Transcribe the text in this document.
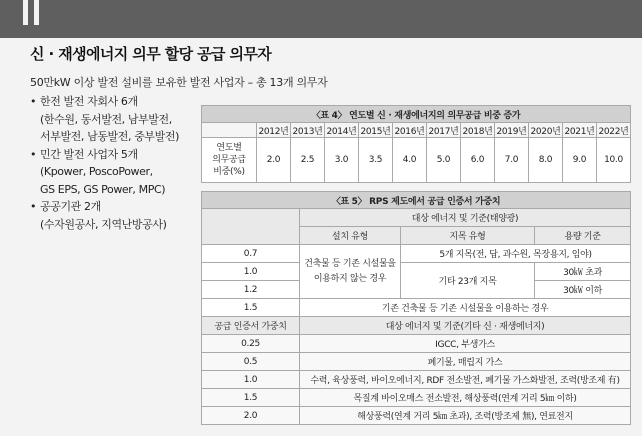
신 · 재생에너지 의무 할당 공급 의무자
50만kW 이상 발전 설비를 보유한 발전 사업자 – 총 13개 의무자
• 한전 발전 자회사 6개
(한수원, 동서발전, 남부발전,
서부발전, 남동발전, 중부발전)
• 민간 발전 사업자 5개
(Kpower, PoscoPower,
GS EPS, GS Power, MPC)
• 공공기관 2개
(수자원공사, 지역난방공사)
〈표 4〉 연도별 신 · 재생에너지의 의무공급 비중 증가											
	2012년	2013년	2014년	2015년	2016년	2017년	2018년	2019년	2020년	2021년	2022년

연도별
의무공급
비중(%)	2.0	2.5	3.0	3.5	4.0	5.0	6.0	7.0	8.0	9.0	10.0
〈표 5〉 RPS 제도에서 공급 인증서 가중치			
	대상 에너지 및 기준(태양광)		
	설치 유형	지목 유형	용량 기준
0.7	건축물 등 기존 시설물을
이용하지 않는 경우	5개 지목(전, 답, 과수원, 목장용지, 임야)	
1.0		기타 23개 지목	30㎾ 초과
1.2			30㎾ 이하
1.5	기존 건축물 등 기존 시설물을 이용하는 경우		
공급 인증서 가중치	대상 에너지 및 기준(기타 신 · 재생에너지)		
0.25	IGCC, 부생가스		
0.5	폐기물, 매립지 가스		
1.0	수력, 육상풍력, 바이오에너지, RDF 전소발전, 폐기물 가스화발전, 조력(방조제 有)		
1.5	목질계 바이오매스 전소발전, 해상풍력(연계 거리 5㎞ 이하)		
2.0	해상풍력(연계 거리 5㎞ 초과), 조력(방조제 無), 연료전지		
